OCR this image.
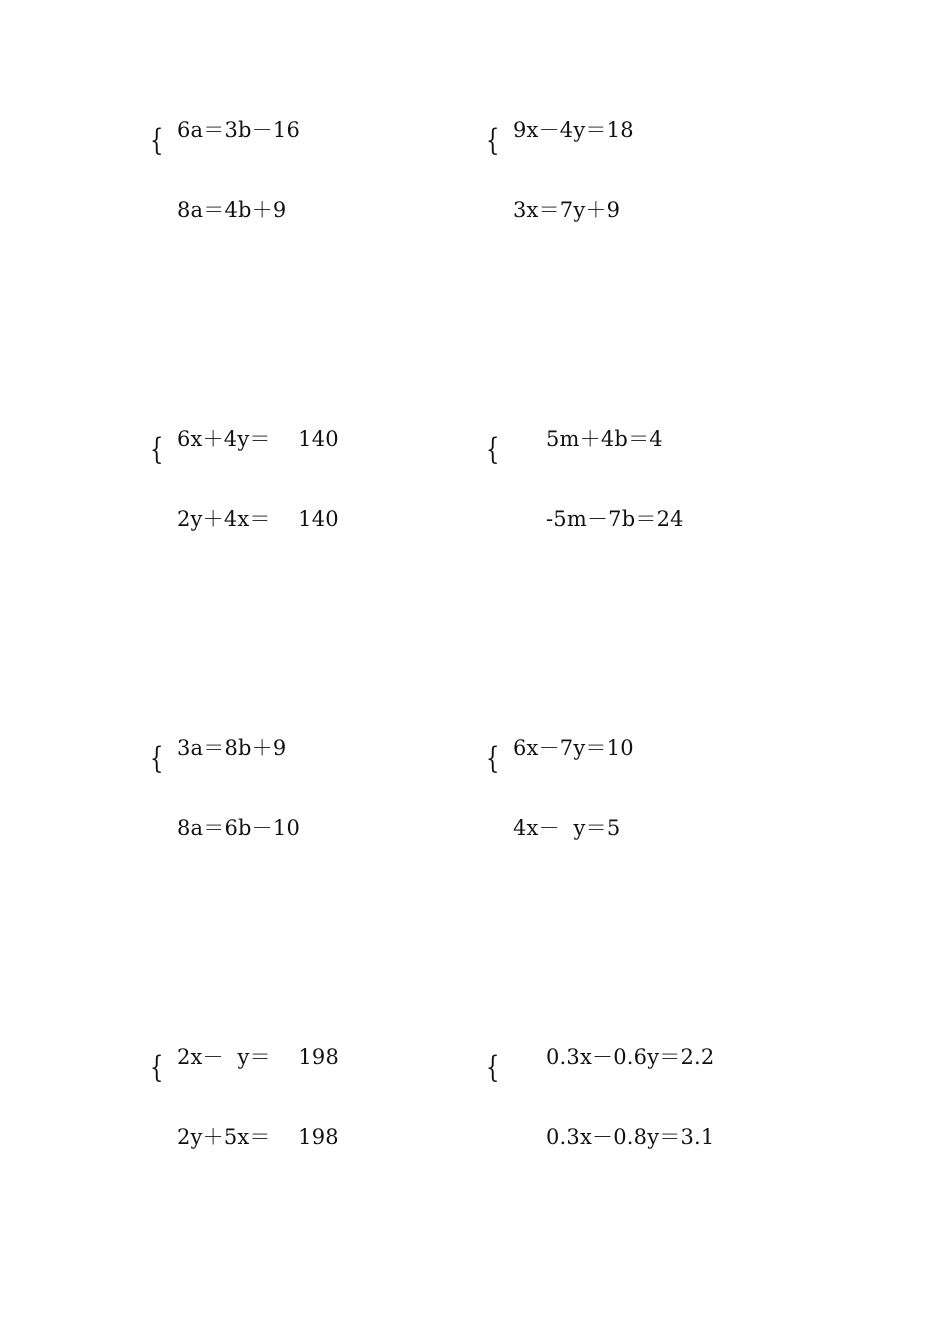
{ 6a＝3b－16
8a＝4b＋9
{ 9x－4y＝18
3x＝7y＋9
{ 6x＋4y＝    140
2y＋4x＝    140
{ 5m＋4b＝4
-5m－7b＝24
{ 3a＝8b＋9
8a＝6b－10
{ 6x－7y＝10
4x－  y＝5
{ 2x－  y＝    198
2y＋5x＝    198
{ 0.3x－0.6y＝2.2
0.3x－0.8y＝3.1
